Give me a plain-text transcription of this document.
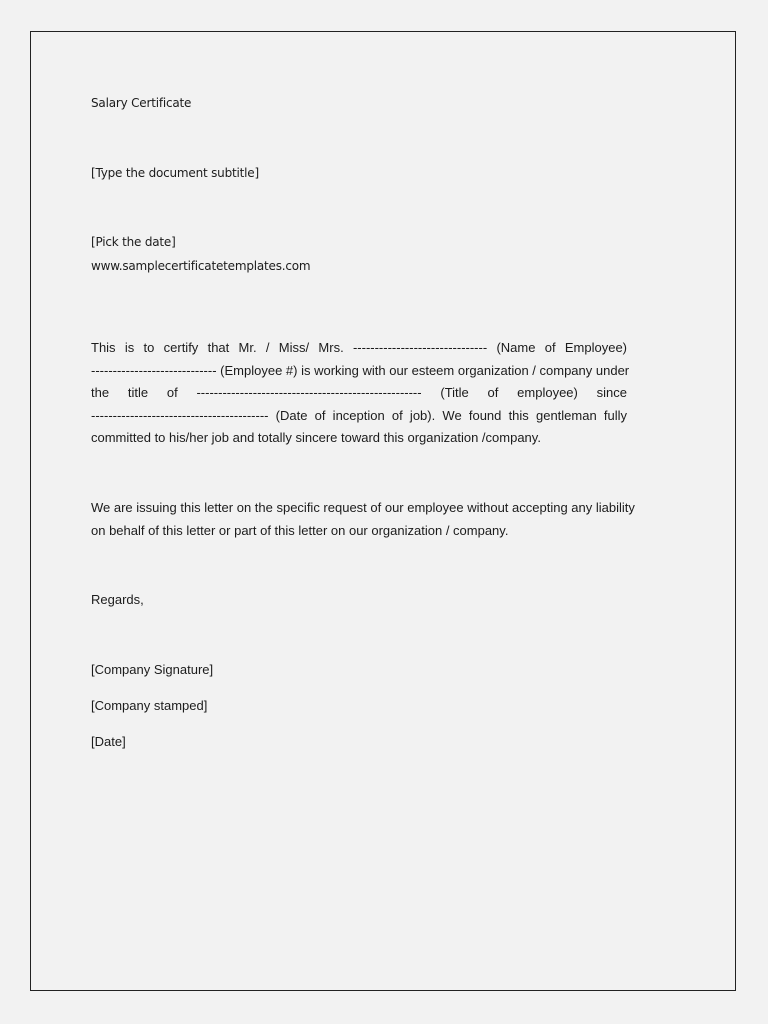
Salary Certificate
[Type the document subtitle]
[Pick the date]
www.samplecertificatetemplates.com
This is to certify that Mr. / Miss/ Mrs. ------------------------------- (Name of Employee)
----------------------------- (Employee #) is working with our esteem organization / company under
the title of ---------------------------------------------------- (Title of employee) since
----------------------------------------- (Date of inception of job). We found this gentleman fully
committed to his/her job and totally sincere toward this organization /company.
We are issuing this letter on the specific request of our employee without accepting any liability
on behalf of this letter or part of this letter on our organization / company.
Regards,
[Company Signature]
[Company stamped]
[Date]
